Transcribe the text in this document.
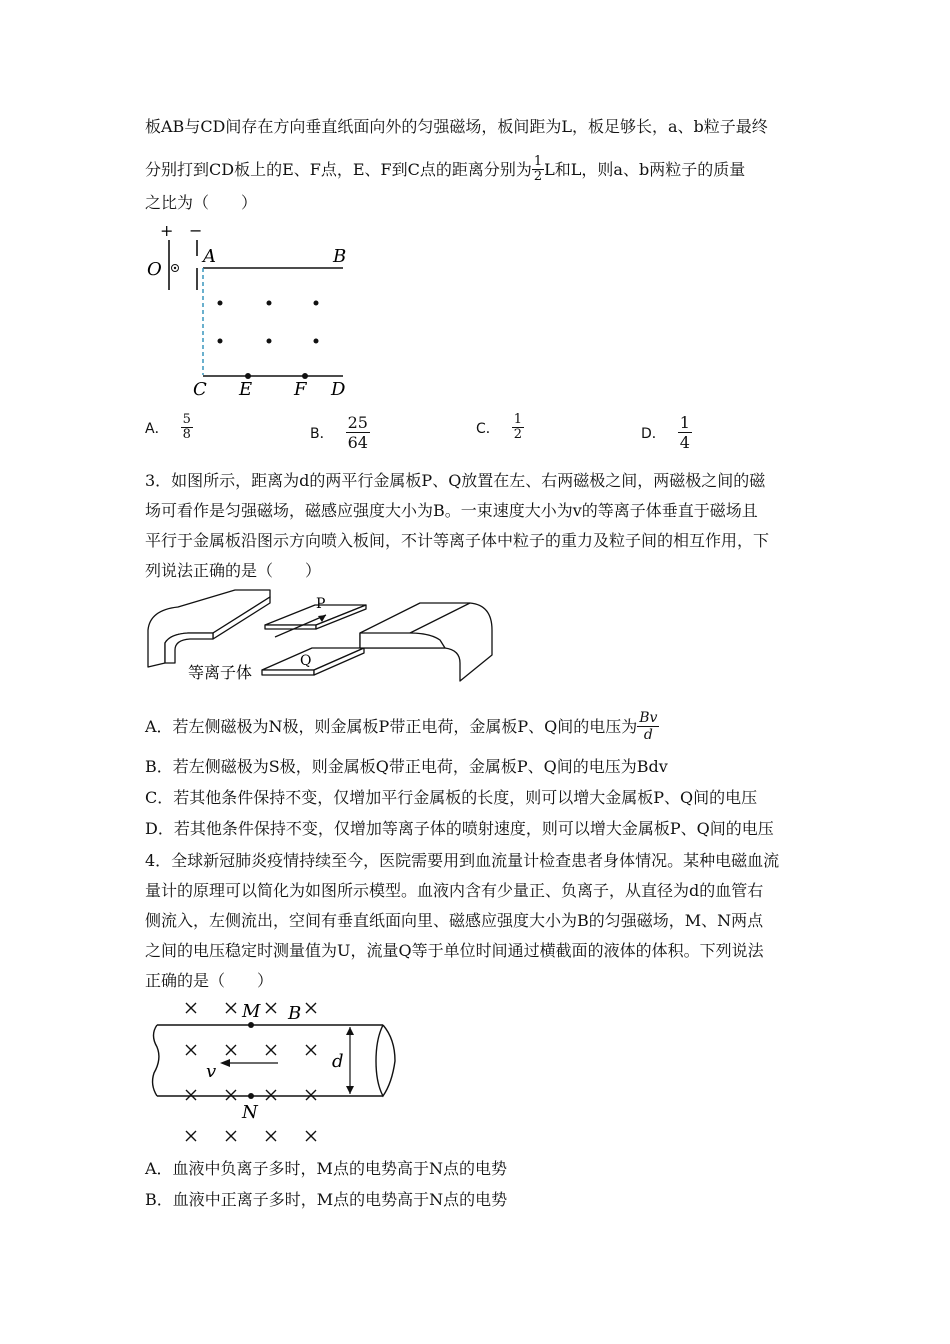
板AB与CD间存在方向垂直纸面向外的匀强磁场，板间距为L，板足够长，a、b粒子最终
分别打到CD板上的E、F点，E、F到C点的距离分别为 $\frac{1}{2}$ L和L，则a、b两粒子的质量
之比为（　　）
+ −
O
A	B
C E F D
A． $\frac{5}{8}$	B． $\frac{25}{64}$	C． $\frac{1}{2}$	D． $\frac{1}{4}$
3．如图所示，距离为d的两平行金属板P、Q放置在左、右两磁极之间，两磁极之间的磁
场可看作是匀强磁场，磁感应强度大小为B。一束速度大小为v的等离子体垂直于磁场且
平行于金属板沿图示方向喷入板间，不计等离子体中粒子的重力及粒子间的相互作用，下
列说法正确的是（　　）
P
Q
等离子体
A．若左侧磁极为N极，则金属板P带正电荷，金属板P、Q间的电压为 $\frac{Bv}{d}$
B．若左侧磁极为S极，则金属板Q带正电荷，金属板P、Q间的电压为Bdv
C．若其他条件保持不变，仅增加平行金属板的长度，则可以增大金属板P、Q间的电压
D．若其他条件保持不变，仅增加等离子体的喷射速度，则可以增大金属板P、Q间的电压
4．全球新冠肺炎疫情持续至今，医院需要用到血流量计检查患者身体情况。某种电磁血流
量计的原理可以简化为如图所示模型。血液内含有少量正、负离子，从直径为d的血管右
侧流入，左侧流出，空间有垂直纸面向里、磁感应强度大小为B的匀强磁场，M、N两点
之间的电压稳定时测量值为U，流量Q等于单位时间通过横截面的液体的体积。下列说法
正确的是（　　）
M B
N
d
v
A．血液中负离子多时，M点的电势高于N点的电势
B．血液中正离子多时，M点的电势高于N点的电势
